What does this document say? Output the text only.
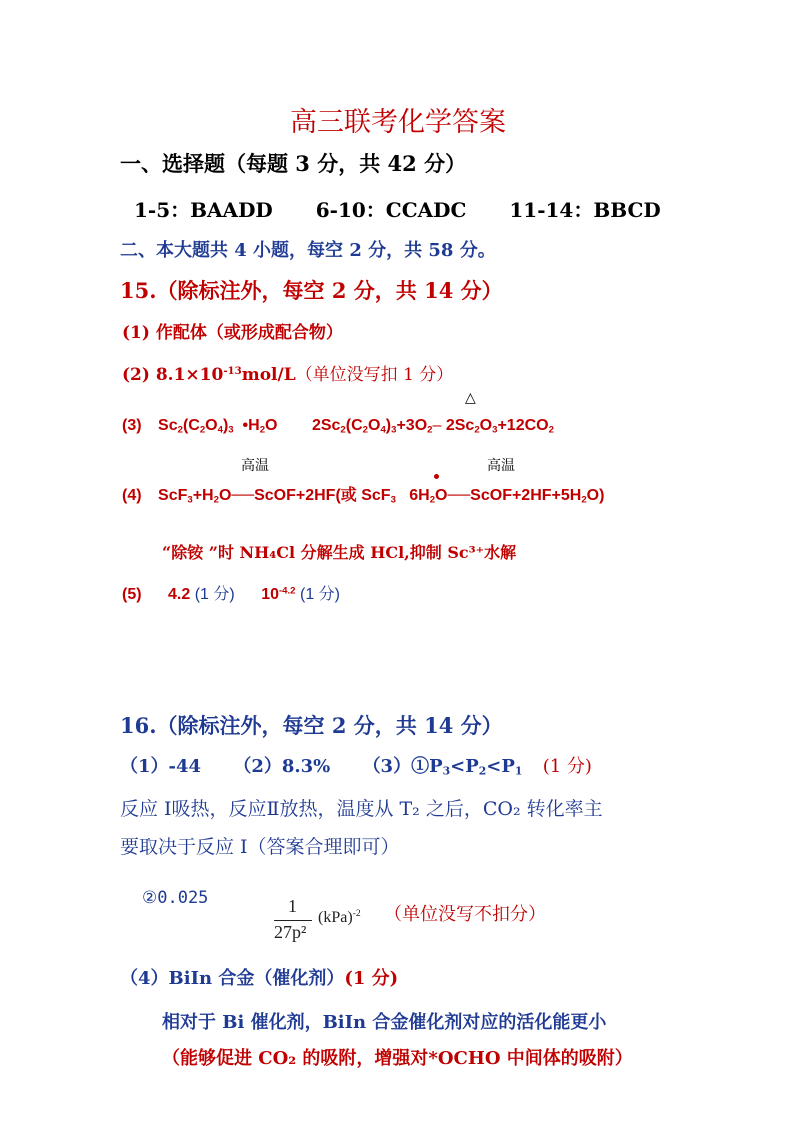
高三联考化学答案
一、选择题（每题 3 分，共 42 分）
1-5：BAADD 6-10：CCADC 11-14：BBCD
二、本大题共 4 小题，每空 2 分，共 58 分。
15.（除标注外，每空 2 分，共 14 分）
(1) 作配体（或形成配合物）
(2) $8.1\times 10^{-13}mol/L$（单位没写扣 1 分）
△
(3) $Sc_2(C_2O_4)_3$  $•H_2O$ $2Sc_2(C_2O_4)_3+3O_2-$ $2Sc_2O_3+12CO_2$
高温	高温
(4) $ScF_3+H_2O──ScOF+2HF$(或 ScF$_3$   $6H_2O──ScOF+2HF+5H_2O$)
“除铵 ”时 NH₄Cl 分解生成 HCl,抑制 Sc³⁺水解
(5) 4.2 (1 分) $10^{-4.2}$ (1 分)
16.（除标注外，每空 2 分，共 14 分）
（1）-44 （2）8.3% $(3)①P_3<P_2<P_1$ (1 分)
反应 Ⅰ吸热，反应Ⅱ放热，温度从 T₂ 之后，CO₂ 转化率主
要取决于反应 Ⅰ（答案合理即可）
②0.025	1
27p²
(kPa)$^{-2}$ （单位没写不扣分）
（4）BiIn 合金（催化剂）(1 分)
相对于 Bi 催化剂，BiIn 合金催化剂对应的活化能更小
（能够促进 CO₂ 的吸附，增强对*OCHO 中间体的吸附）
